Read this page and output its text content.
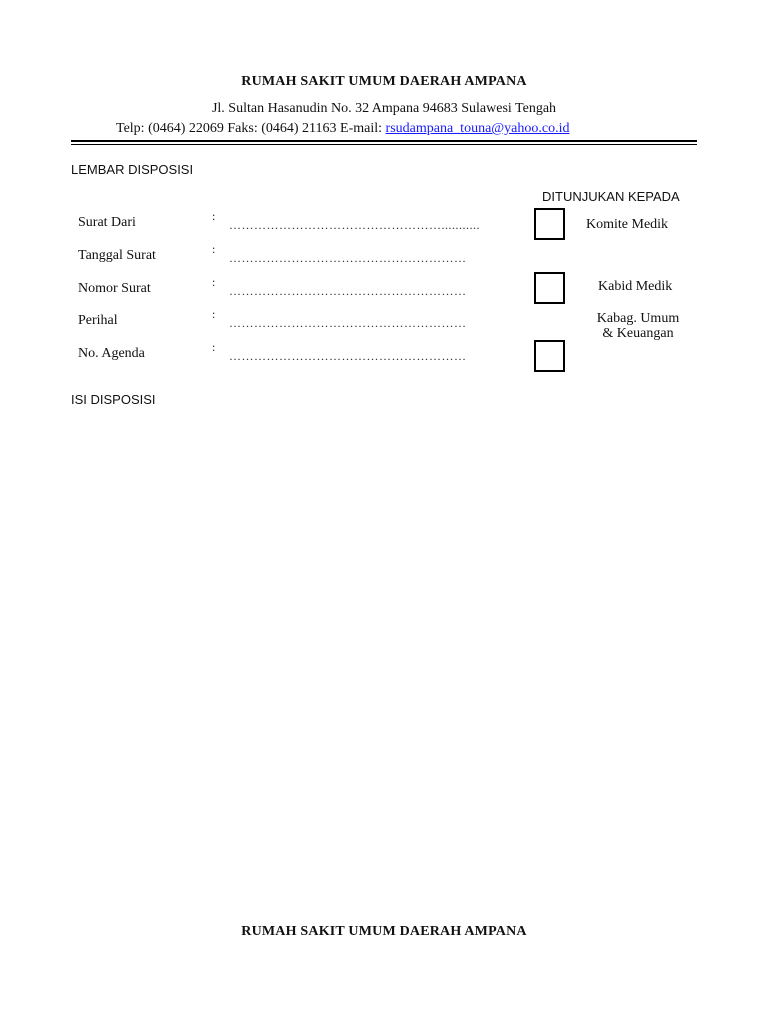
RUMAH SAKIT UMUM DAERAH AMPANA
Jl. Sultan Hasanudin No. 32 Ampana 94683 Sulawesi Tengah
Telp: (0464) 22069 Faks: (0464) 21163 E-mail: rsudampana_touna@yahoo.co.id
LEMBAR DISPOSISI
Surat Dari	:
……………………………………………...........
Tanggal Surat	:
…………………………………………………
Nomor Surat	:
…………………………………………………
Perihal	:
…………………………………………………
No. Agenda	:
…………………………………………………
DITUNJUKAN KEPADA
Komite Medik
Kabid Medik
Kabag. Umum
& Keuangan
ISI DISPOSISI
RUMAH SAKIT UMUM DAERAH AMPANA
